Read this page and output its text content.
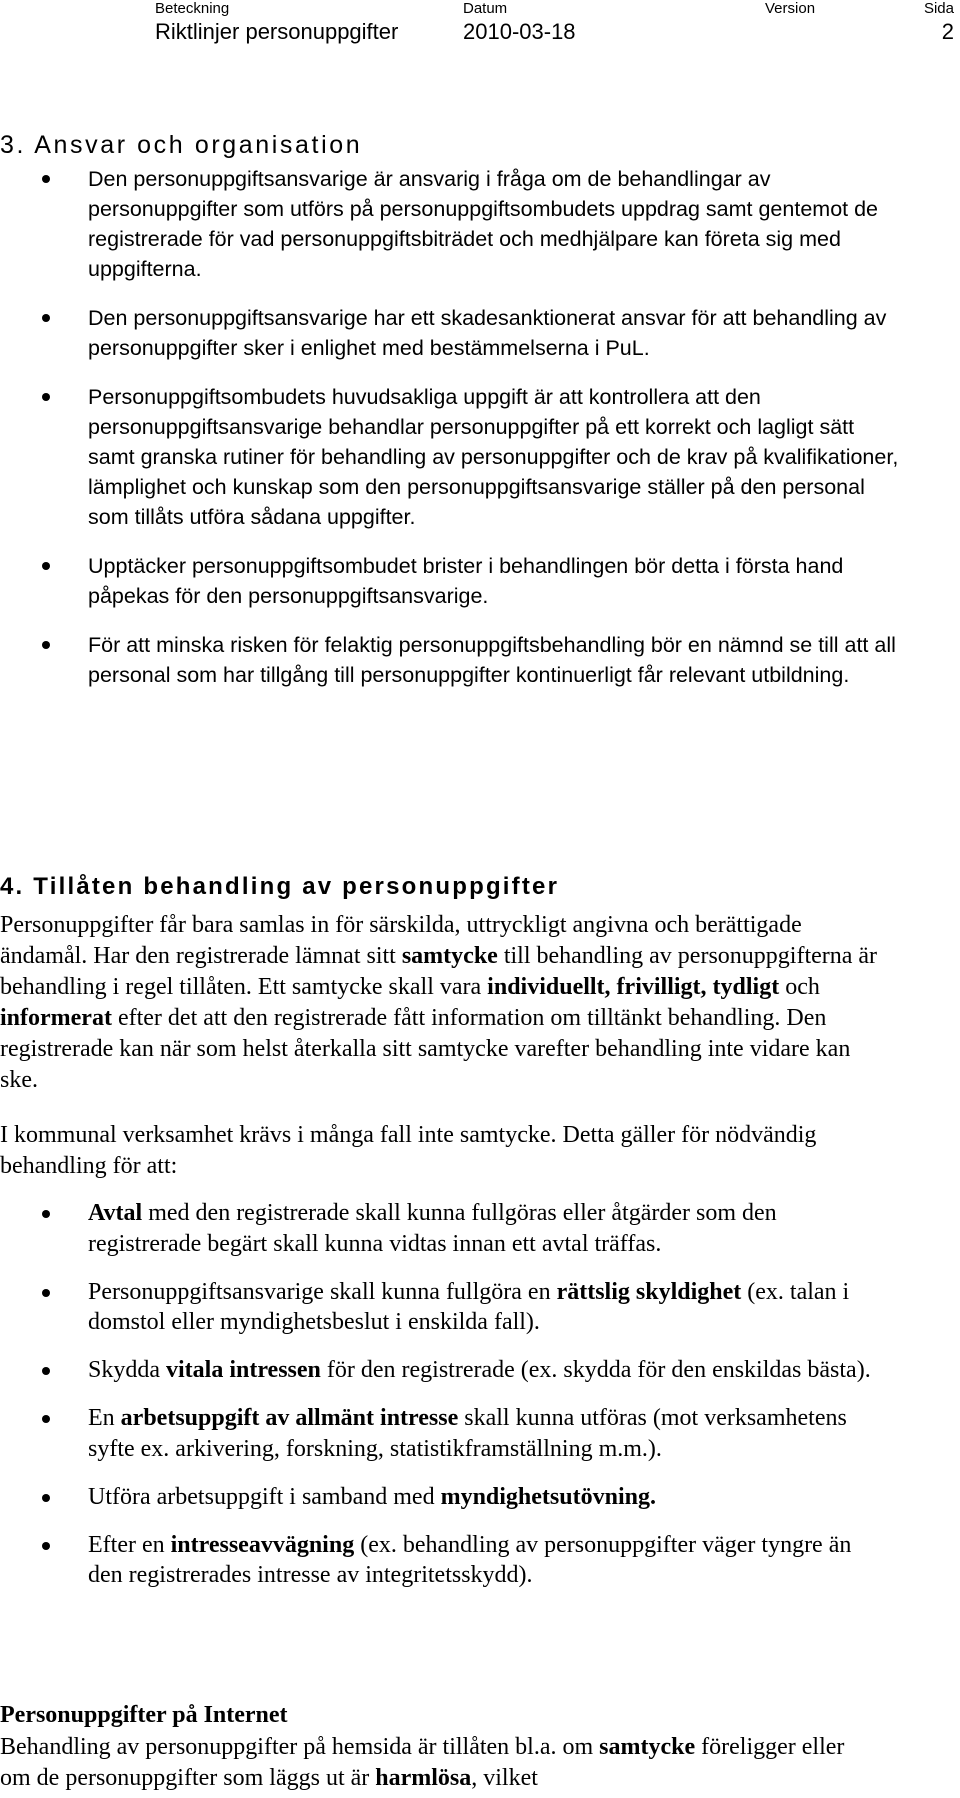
Beteckning
Riktlinjer personuppgifter
Datum
2010-03-18
Version	Sida
2
3. Ansvar och organisation
Den personuppgiftsansvarige är ansvarig i fråga om de behandlingar av personuppgifter som utförs på personuppgiftsombudets uppdrag samt gentemot de registrerade för vad personuppgiftsbiträdet och medhjälpare kan företa sig med uppgifterna.
Den personuppgiftsansvarige har ett skadesanktionerat ansvar för att behandling av personuppgifter sker i enlighet med bestämmelserna i PuL.
Personuppgiftsombudets huvudsakliga uppgift är att kontrollera att den personuppgiftsansvarige behandlar personuppgifter på ett korrekt och lagligt sätt samt granska rutiner för behandling av personuppgifter och de krav på kvalifikationer, lämplighet och kunskap som den personuppgiftsansvarige ställer på den personal som tillåts utföra sådana uppgifter.
Upptäcker personuppgiftsombudet brister i behandlingen bör detta i första hand påpekas för den personuppgiftsansvarige.
För att minska risken för felaktig personuppgiftsbehandling bör en nämnd se till att all personal som har tillgång till personuppgifter kontinuerligt får relevant utbildning.
4. Tillåten behandling av personuppgifter
Personuppgifter får bara samlas in för särskilda, uttryckligt angivna och berättigade ändamål. Har den registrerade lämnat sitt samtycke till behandling av personuppgifterna är behandling i regel tillåten. Ett samtycke skall vara individuellt, frivilligt, tydligt och informerat efter det att den registrerade fått information om tilltänkt behandling. Den registrerade kan när som helst återkalla sitt samtycke varefter behandling inte vidare kan ske.
I kommunal verksamhet krävs i många fall inte samtycke. Detta gäller för nödvändig behandling för att:
Avtal med den registrerade skall kunna fullgöras eller åtgärder som den registrerade begärt skall kunna vidtas innan ett avtal träffas.
Personuppgiftsansvarige skall kunna fullgöra en rättslig skyldighet (ex. talan i domstol eller myndighetsbeslut i enskilda fall).
Skydda vitala intressen för den registrerade (ex. skydda för den enskildas bästa).
En arbetsuppgift av allmänt intresse skall kunna utföras (mot verksamhetens syfte ex. arkivering, forskning, statistikframställning m.m.).
Utföra arbetsuppgift i samband med myndighetsutövning.
Efter en intresseavvägning (ex. behandling av personuppgifter väger tyngre än den registrerades intresse av integritetsskydd).
Personuppgifter på Internet
Behandling av personuppgifter på hemsida är tillåten bl.a. om samtycke föreligger eller om de personuppgifter som läggs ut är harmlösa, vilket
